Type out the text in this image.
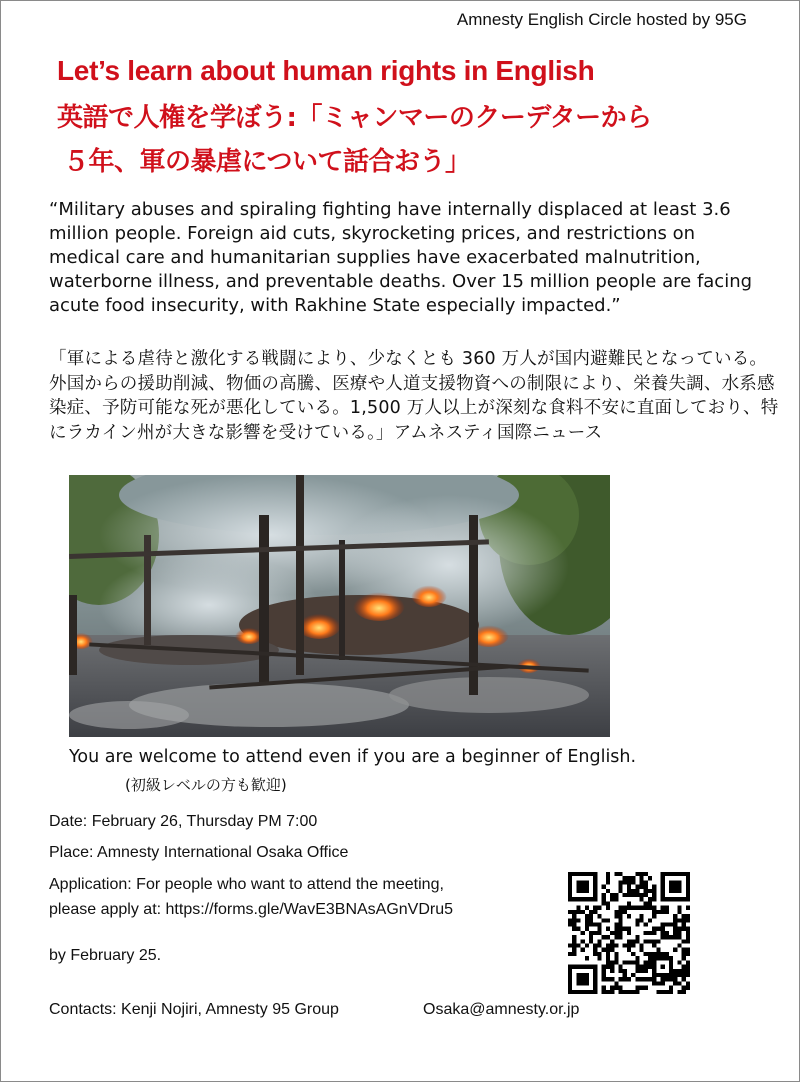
Amnesty English Circle hosted by 95G
Let’s learn about human rights in English
英語で人権を学ぼう:「ミャンマーのクーデターから
５年、軍の暴虐について話合おう」
“Military abuses and spiraling fighting have internally displaced at least 3.6 million people. Foreign aid cuts, skyrocketing prices, and restrictions on medical care and humanitarian supplies have exacerbated malnutrition, waterborne illness, and preventable deaths. Over 15 million people are facing acute food insecurity, with Rakhine State especially impacted.”
「軍による虐待と激化する戦闘により、少なくとも 360 万人が国内避難民となっている。外国からの援助削減、物価の高騰、医療や人道支援物資への制限により、栄養失調、水系感染症、予防可能な死が悪化している。1,500 万人以上が深刻な食料不安に直面しており、特にラカイン州が大きな影響を受けている。」アムネスティ国際ニュース
You are welcome to attend even if you are a beginner of English.
(初級レベルの方も歓迎)
Date: February 26, Thursday PM 7:00
Place: Amnesty International Osaka Office
Application: For people who want to attend the meeting,
please apply at: https://forms.gle/WavE3BNAsAGnVDru5
by February 25.
Contacts: Kenji Nojiri, Amnesty 95 Group	Osaka@amnesty.or.jp
